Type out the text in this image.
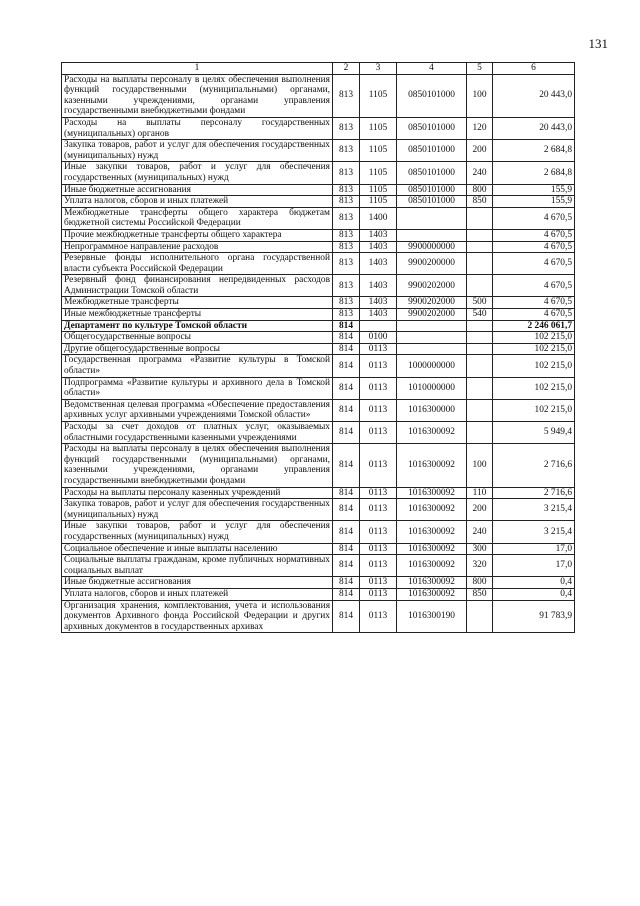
131
1	2	3	4	5	6
Расходы на выплаты персоналу в целях обеспечения выполнения функций государственными (муниципальными) органами, казенными учреждениями, органами управления государственными внебюджетными фондами	813	1105	0850101000	100	20 443,0
Расходы на выплаты персоналу государственных (муниципальных) органов	813	1105	0850101000	120	20 443,0
Закупка товаров, работ и услуг для обеспечения государственных (муниципальных) нужд	813	1105	0850101000	200	2 684,8
Иные закупки товаров, работ и услуг для обеспечения государственных (муниципальных) нужд	813	1105	0850101000	240	2 684,8
Иные бюджетные ассигнования	813	1105	0850101000	800	155,9
Уплата налогов, сборов и иных платежей	813	1105	0850101000	850	155,9
Межбюджетные трансферты общего характера бюджетам бюджетной системы Российской Федерации	813	1400			4 670,5
Прочие межбюджетные трансферты общего характера	813	1403			4 670,5
Непрограммное направление расходов	813	1403	9900000000		4 670,5
Резервные фонды исполнительного органа государственной власти субъекта Российской Федерации	813	1403	9900200000		4 670,5
Резервный фонд финансирования непредвиденных расходов Администрации Томской области	813	1403	9900202000		4 670,5
Межбюджетные трансферты	813	1403	9900202000	500	4 670,5
Иные межбюджетные трансферты	813	1403	9900202000	540	4 670,5
Департамент по культуре Томской области	814				2 246 061,7
Общегосударственные вопросы	814	0100			102 215,0
Другие общегосударственные вопросы	814	0113			102 215,0
Государственная программа «Развитие культуры в Томской области»	814	0113	1000000000		102 215,0
Подпрограмма «Развитие культуры и архивного дела в Томской области»	814	0113	1010000000		102 215,0
Ведомственная целевая программа «Обеспечение предоставления архивных услуг архивными учреждениями Томской области»	814	0113	1016300000		102 215,0
Расходы за счет доходов от платных услуг, оказываемых областными государственными казенными учреждениями	814	0113	1016300092		5 949,4
Расходы на выплаты персоналу в целях обеспечения выполнения функций государственными (муниципальными) органами, казенными учреждениями, органами управления государственными внебюджетными фондами	814	0113	1016300092	100	2 716,6
Расходы на выплаты персоналу казенных учреждений	814	0113	1016300092	110	2 716,6
Закупка товаров, работ и услуг для обеспечения государственных (муниципальных) нужд	814	0113	1016300092	200	3 215,4
Иные закупки товаров, работ и услуг для обеспечения государственных (муниципальных) нужд	814	0113	1016300092	240	3 215,4
Социальное обеспечение и иные выплаты населению	814	0113	1016300092	300	17,0
Социальные выплаты гражданам, кроме публичных нормативных социальных выплат	814	0113	1016300092	320	17,0
Иные бюджетные ассигнования	814	0113	1016300092	800	0,4
Уплата налогов, сборов и иных платежей	814	0113	1016300092	850	0,4
Организация хранения, комплектования, учета и использования документов Архивного фонда Российской Федерации и других архивных документов в государственных архивах	814	0113	1016300190		91 783,9
